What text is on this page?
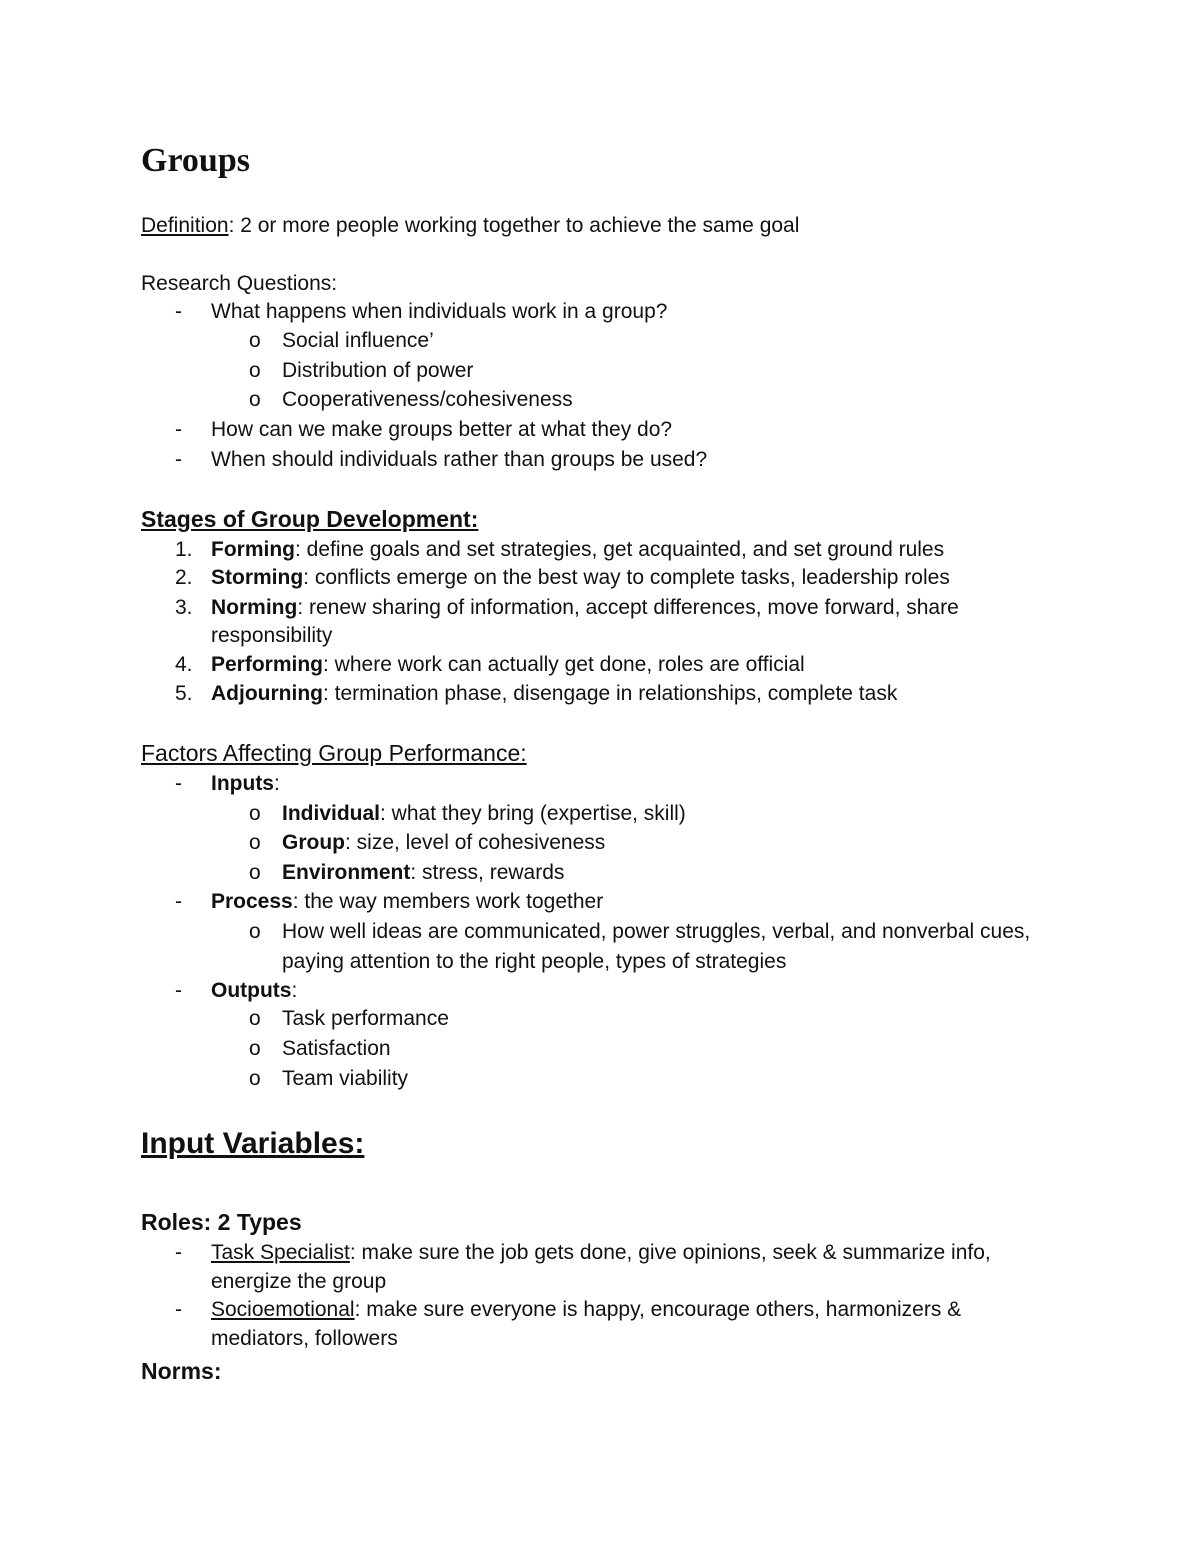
Groups
Definition: 2 or more people working together to achieve the same goal
Research Questions:
- What happens when individuals work in a group?
o Social influence’
o Distribution of power
o Cooperativeness/cohesiveness
- How can we make groups better at what they do?
- When should individuals rather than groups be used?
Stages of Group Development:
1. Forming: define goals and set strategies, get acquainted, and set ground rules
2. Storming: conflicts emerge on the best way to complete tasks, leadership roles
3. Norming: renew sharing of information, accept differences, move forward, share
responsibility
4. Performing: where work can actually get done, roles are official
5. Adjourning: termination phase, disengage in relationships, complete task
Factors Affecting Group Performance:
- Inputs:
o Individual: what they bring (expertise, skill)
o Group: size, level of cohesiveness
o Environment: stress, rewards
- Process: the way members work together
o How well ideas are communicated, power struggles, verbal, and nonverbal cues,
paying attention to the right people, types of strategies
- Outputs:
o Task performance
o Satisfaction
o Team viability
Input Variables:
Roles: 2 Types
- Task Specialist: make sure the job gets done, give opinions, seek & summarize info,
energize the group
- Socioemotional: make sure everyone is happy, encourage others, harmonizers &
mediators, followers
Norms:
